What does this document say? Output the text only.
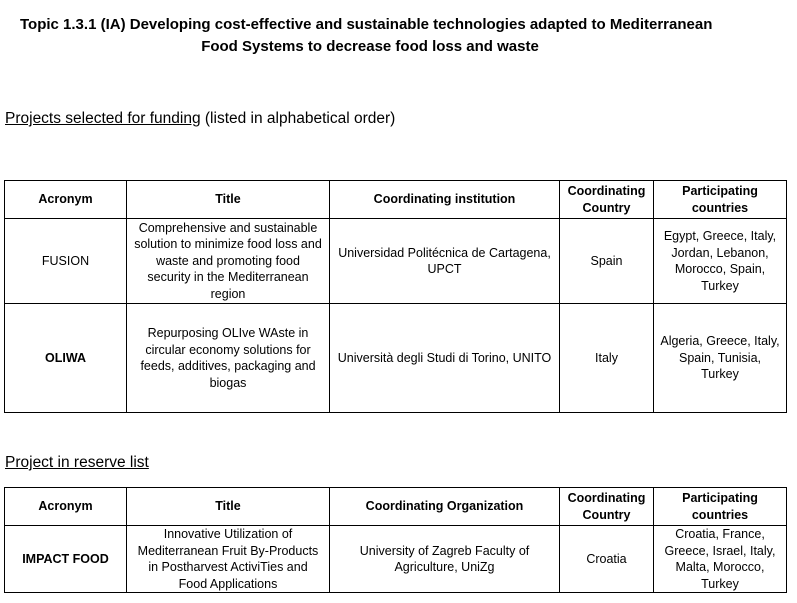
Topic 1.3.1 (IA) Developing cost-effective and sustainable technologies adapted to Mediterranean
Food Systems to decrease food loss and waste
Projects selected for funding (listed in alphabetical order)
Acronym	Title	Coordinating institution	Coordinating Country	Participating countries
FUSION	Comprehensive and sustainable solution to minimize food loss and waste and promoting food security in the Mediterranean region	Universidad Politécnica de Cartagena, UPCT	Spain	Egypt, Greece, Italy, Jordan, Lebanon, Morocco, Spain, Turkey
OLIWA	Repurposing OLIve WAste in circular economy solutions for feeds, additives, packaging and biogas	Università degli Studi di Torino, UNITO	Italy	Algeria, Greece, Italy, Spain, Tunisia, Turkey
Project in reserve list
Acronym	Title	Coordinating Organization	Coordinating Country	Participating countries
IMPACT FOOD	Innovative Utilization of Mediterranean Fruit By-Products in Postharvest ActiviTies and Food Applications	University of Zagreb Faculty of Agriculture, UniZg	Croatia	Croatia, France, Greece, Israel, Italy, Malta, Morocco, Turkey
